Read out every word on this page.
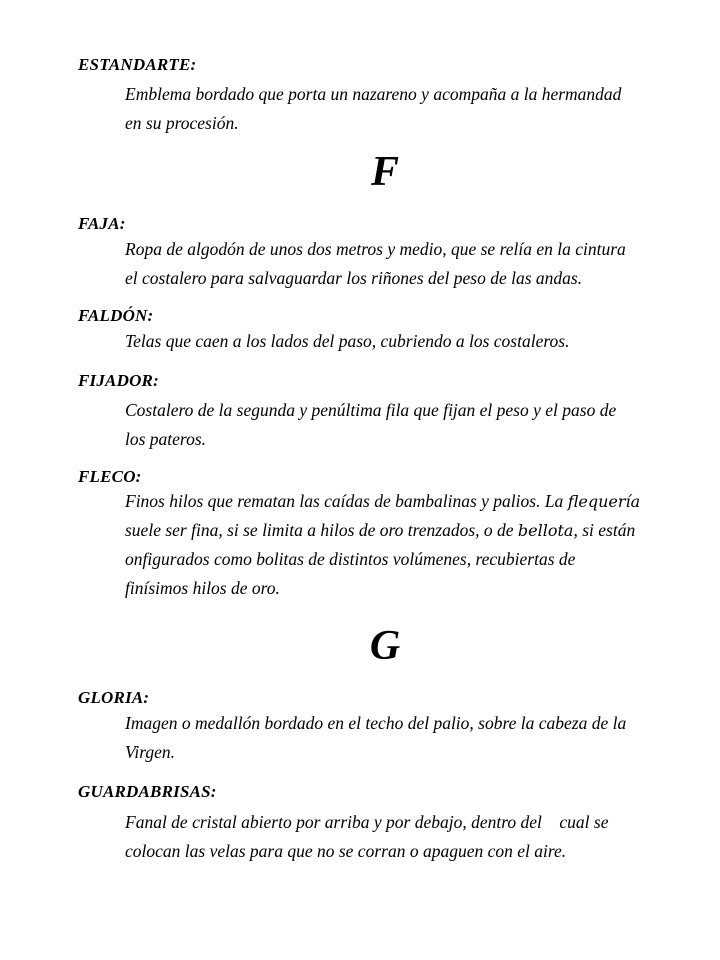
ESTANDARTE:
Emblema bordado que porta un nazareno y acompaña a la hermandad
en su procesión.
F
FAJA:
Ropa de algodón de unos dos metros y medio, que se relía en la cintura
el costalero para salvaguardar los riñones del peso de las andas.
FALDÓN:
Telas que caen a los lados del paso, cubriendo a los costaleros.
FIJADOR:
Costalero de la segunda y penúltima fila que fijan el peso y el paso de
los pateros.
FLECO:
Finos hilos que rematan las caídas de bambalinas y palios. La flequería
suele ser fina, si se limita a hilos de oro trenzados, o de bellota, si están
onfigurados como bolitas de distintos volúmenes, recubiertas de
finísimos hilos de oro.
G
GLORIA:
Imagen o medallón bordado en el techo del palio, sobre la cabeza de la
Virgen.
GUARDABRISAS:
Fanal de cristal abierto por arriba y por debajo, dentro del    cual se
colocan las velas para que no se corran o apaguen con el aire.
